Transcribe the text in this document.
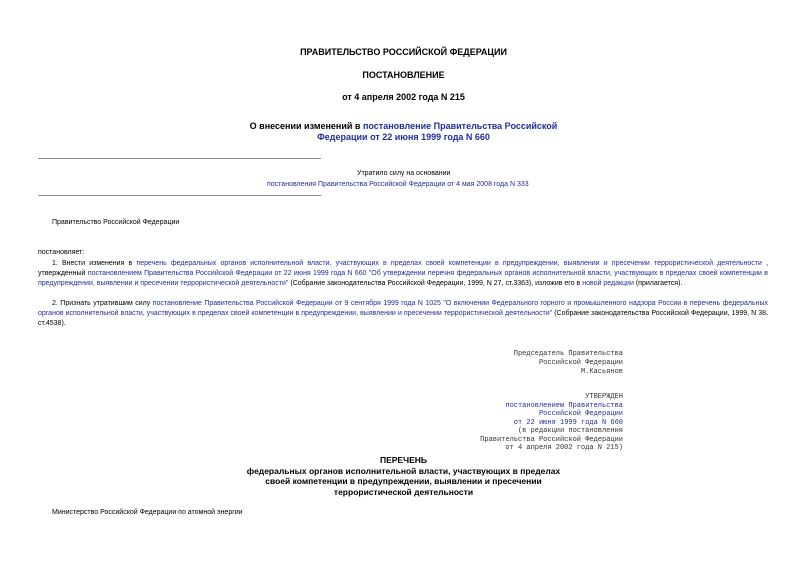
ПРАВИТЕЛЬСТВО РОССИЙСКОЙ ФЕДЕРАЦИИ
ПОСТАНОВЛЕНИЕ
от 4 апреля 2002 года N 215
О внесении изменений в постановление Правительства Российской
Федерации от 22 июня 1999 года N 660
Утратило силу на основании
постановления Правительства Российской Федерации от 4 мая 2008 года N 333
Правительство Российской Федерации
постановляет:
1. Внести изменения в перечень федеральных органов исполнительной власти, участвующих в пределах своей компетенции в предупреждении, выявлении и пресечении террористической деятельности , утвержденный постановлением Правительства Российской Федерации от 22 июня 1999 года N 660 "Об утверждении перечня федеральных органов исполнительной власти, участвующих в пределах своей компетенции в предупреждении, выявлении и пресечении террористической деятельности" (Собрание законодательства Российской Федерации, 1999, N 27, ст.3363), изложив его в новой редакции (прилагается).
2. Признать утратившим силу постановление Правительства Российской Федерации от 9 сентября 1999 года N 1025 "О включении Федерального горного и промышленного надзора России в перечень федеральных органов исполнительной власти, участвующих в пределах своей компетенции в предупреждении, выявлении и пресечении террористической деятельности" (Собрание законодательства Российской Федерации, 1999, N 38, ст.4538).
Председатель Правительства
Российской Федерации
М.Касьянов
УТВЕРЖДЕН
постановлением Правительства
Российской Федерации
от 22 июня 1999 года N 660
(в редакции постановления
Правительства Российской Федерации
от 4 апреля 2002 года N 215)
ПЕРЕЧЕНЬ
федеральных органов исполнительной власти, участвующих в пределах
своей компетенции в предупреждении, выявлении и пресечении
террористической деятельности
Министерство Российской Федерации по атомной энергии
